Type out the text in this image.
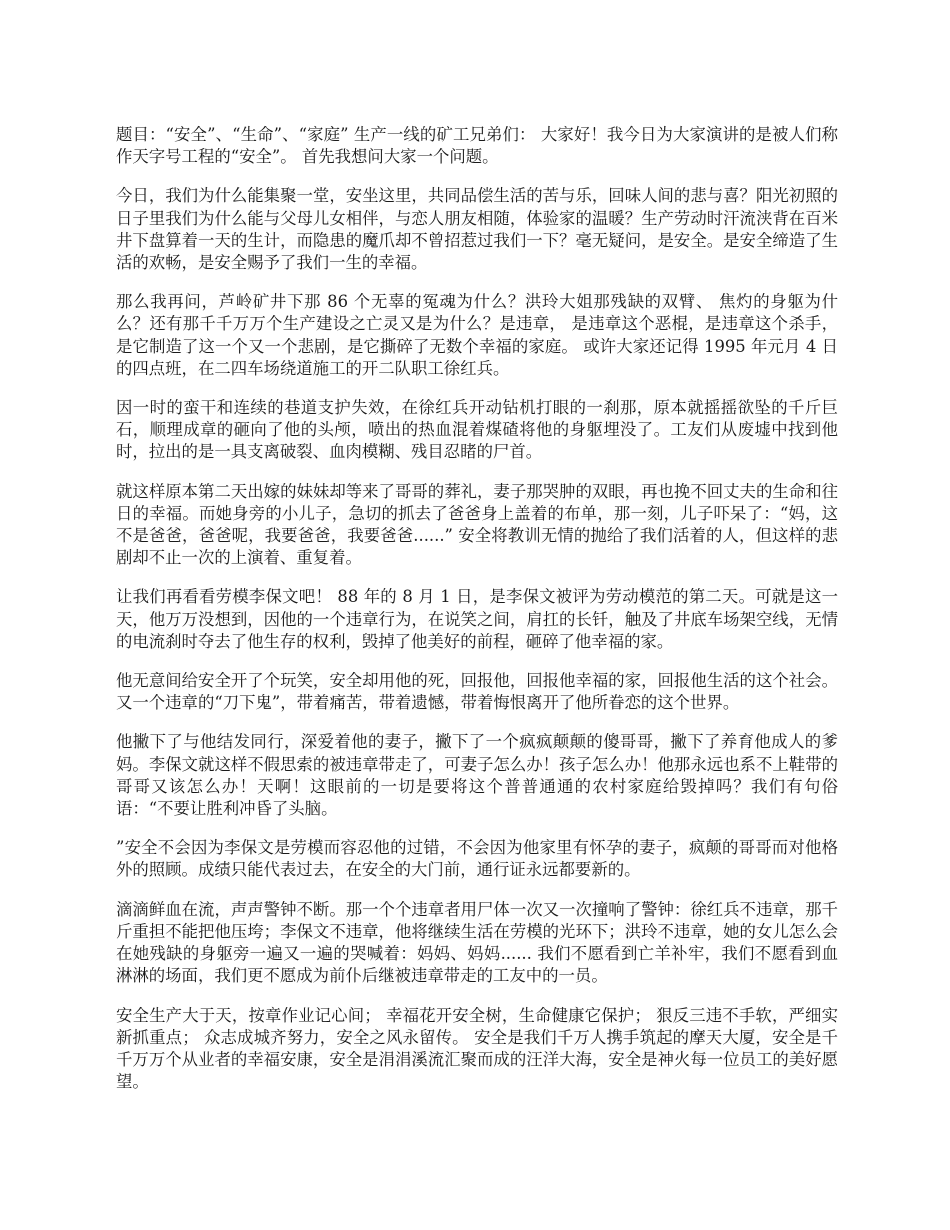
题目：“安全”、“生命”、“家庭” 生产一线的矿工兄弟们： 大家好！我今日为大家演讲的是被人们称作天字号工程的“安全”。 首先我想问大家一个问题。

今日，我们为什么能集聚一堂，安坐这里，共同品偿生活的苦与乐，回味人间的悲与喜？阳光初照的日子里我们为什么能与父母儿女相伴，与恋人朋友相随，体验家的温暖？生产劳动时汗流浃背在百米井下盘算着一天的生计，而隐患的魔爪却不曾招惹过我们一下？毫无疑问，是安全。是安全缔造了生活的欢畅，是安全赐予了我们一生的幸福。

那么我再问，芦岭矿井下那 86 个无辜的冤魂为什么？洪玲大姐那残缺的双臂、 焦灼的身躯为什么？还有那千千万万个生产建设之亡灵又是为什么？是违章， 是违章这个恶棍，是违章这个杀手，是它制造了这一个又一个悲剧，是它撕碎了无数个幸福的家庭。 或许大家还记得 1995 年元月 4 日的四点班，在二四车场绕道施工的开二队职工徐红兵。

因一时的蛮干和连续的巷道支护失效，在徐红兵开动钻机打眼的一刹那，原本就摇摇欲坠的千斤巨石，顺理成章的砸向了他的头颅，喷出的热血混着煤碴将他的身躯埋没了。工友们从废墟中找到他时，拉出的是一具支离破裂、血肉模糊、残目忍睹的尸首。

就这样原本第二天出嫁的妹妹却等来了哥哥的葬礼，妻子那哭肿的双眼，再也挽不回丈夫的生命和往日的幸福。而她身旁的小儿子，急切的抓去了爸爸身上盖着的布单，那一刻，儿子吓呆了：“妈，这不是爸爸，爸爸呢，我要爸爸，我要爸爸......” 安全将教训无情的抛给了我们活着的人，但这样的悲剧却不止一次的上演着、重复着。

让我们再看看劳模李保文吧！ 88 年的 8 月 1 日，是李保文被评为劳动模范的第二天。可就是这一天，他万万没想到，因他的一个违章行为，在说笑之间，肩扛的长钎，触及了井底车场架空线，无情的电流刹时夺去了他生存的权利，毁掉了他美好的前程，砸碎了他幸福的家。

他无意间给安全开了个玩笑，安全却用他的死，回报他，回报他幸福的家，回报他生活的这个社会。又一个违章的“刀下鬼”，带着痛苦，带着遗憾，带着悔恨离开了他所眷恋的这个世界。

他撇下了与他结发同行，深爱着他的妻子，撇下了一个疯疯颠颠的傻哥哥，撇下了养育他成人的爹妈。李保文就这样不假思索的被违章带走了，可妻子怎么办！孩子怎么办！他那永远也系不上鞋带的哥哥又该怎么办！天啊！这眼前的一切是要将这个普普通通的农村家庭给毁掉吗？我们有句俗语：“不要让胜利冲昏了头脑。

”安全不会因为李保文是劳模而容忍他的过错，不会因为他家里有怀孕的妻子，疯颠的哥哥而对他格外的照顾。成绩只能代表过去，在安全的大门前，通行证永远都要新的。

滴滴鲜血在流，声声警钟不断。那一个个违章者用尸体一次又一次撞响了警钟：徐红兵不违章，那千斤重担不能把他压垮；李保文不违章，他将继续生活在劳模的光环下；洪玲不违章，她的女儿怎么会在她残缺的身躯旁一遍又一遍的哭喊着：妈妈、妈妈...... 我们不愿看到亡羊补牢，我们不愿看到血淋淋的场面，我们更不愿成为前仆后继被违章带走的工友中的一员。

安全生产大于天，按章作业记心间； 幸福花开安全树，生命健康它保护； 狠反三违不手软，严细实新抓重点； 众志成城齐努力，安全之风永留传。 安全是我们千万人携手筑起的摩天大厦，安全是千千万万个从业者的幸福安康，安全是涓涓溪流汇聚而成的汪洋大海，安全是神火每一位员工的美好愿望。
